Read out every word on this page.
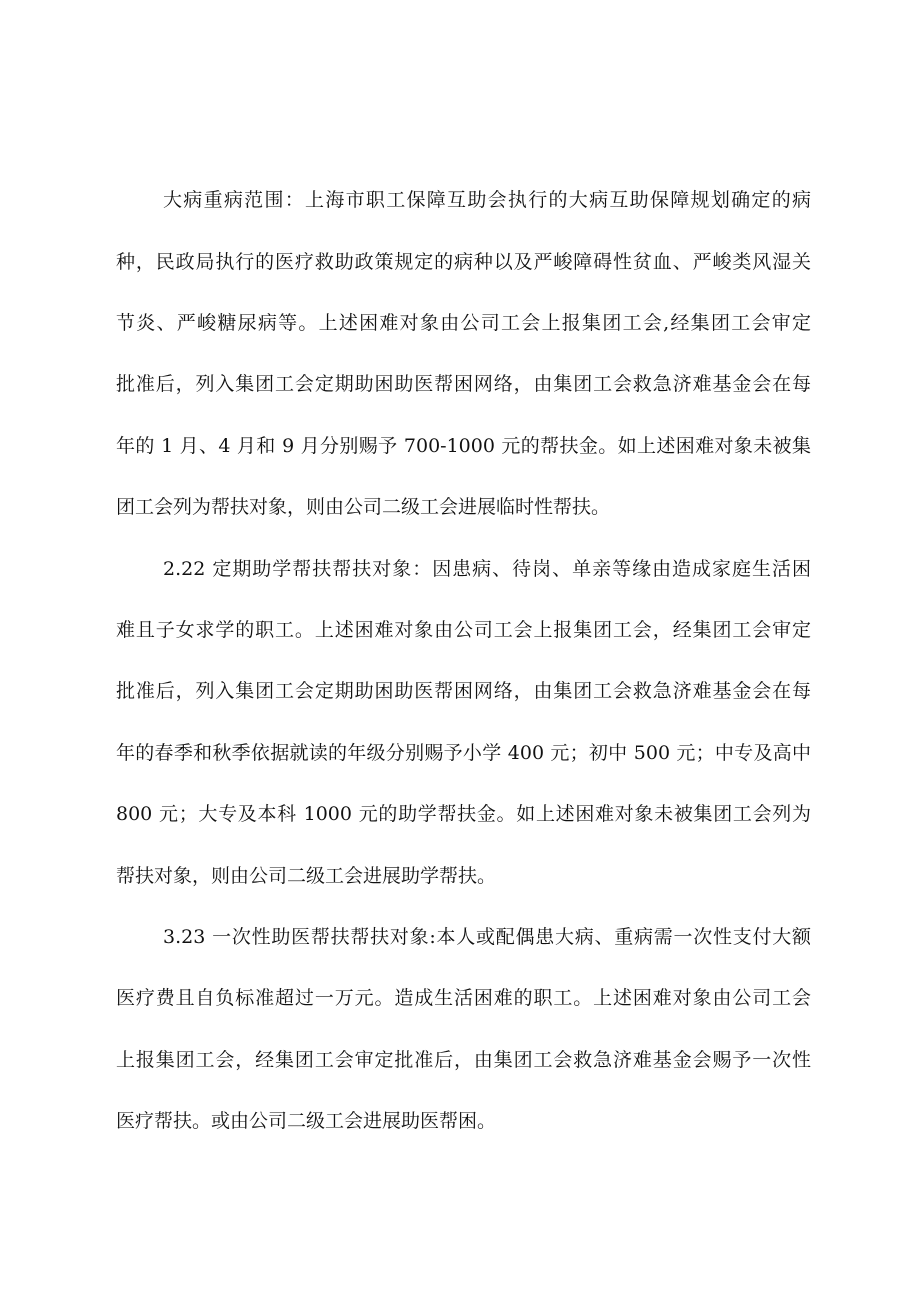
大病重病范围：上海市职工保障互助会执行的大病互助保障规划确定的病
种，民政局执行的医疗救助政策规定的病种以及严峻障碍性贫血、严峻类风湿关
节炎、严峻糖尿病等。上述困难对象由公司工会上报集团工会,经集团工会审定
批准后，列入集团工会定期助困助医帮困网络，由集团工会救急济难基金会在每
年的 1 月、4 月和 9 月分别赐予 700-1000 元的帮扶金。如上述困难对象未被集
团工会列为帮扶对象，则由公司二级工会进展临时性帮扶。
2.22 定期助学帮扶帮扶对象：因患病、待岗、单亲等缘由造成家庭生活困
难且子女求学的职工。上述困难对象由公司工会上报集团工会，经集团工会审定
批准后，列入集团工会定期助困助医帮困网络，由集团工会救急济难基金会在每
年的春季和秋季依据就读的年级分别赐予小学 400 元；初中 500 元；中专及高中
800 元；大专及本科 1000 元的助学帮扶金。如上述困难对象未被集团工会列为
帮扶对象，则由公司二级工会进展助学帮扶。
3.23 一次性助医帮扶帮扶对象:本人或配偶患大病、重病需一次性支付大额
医疗费且自负标准超过一万元。造成生活困难的职工。上述困难对象由公司工会
上报集团工会，经集团工会审定批准后，由集团工会救急济难基金会赐予一次性
医疗帮扶。或由公司二级工会进展助医帮困。
